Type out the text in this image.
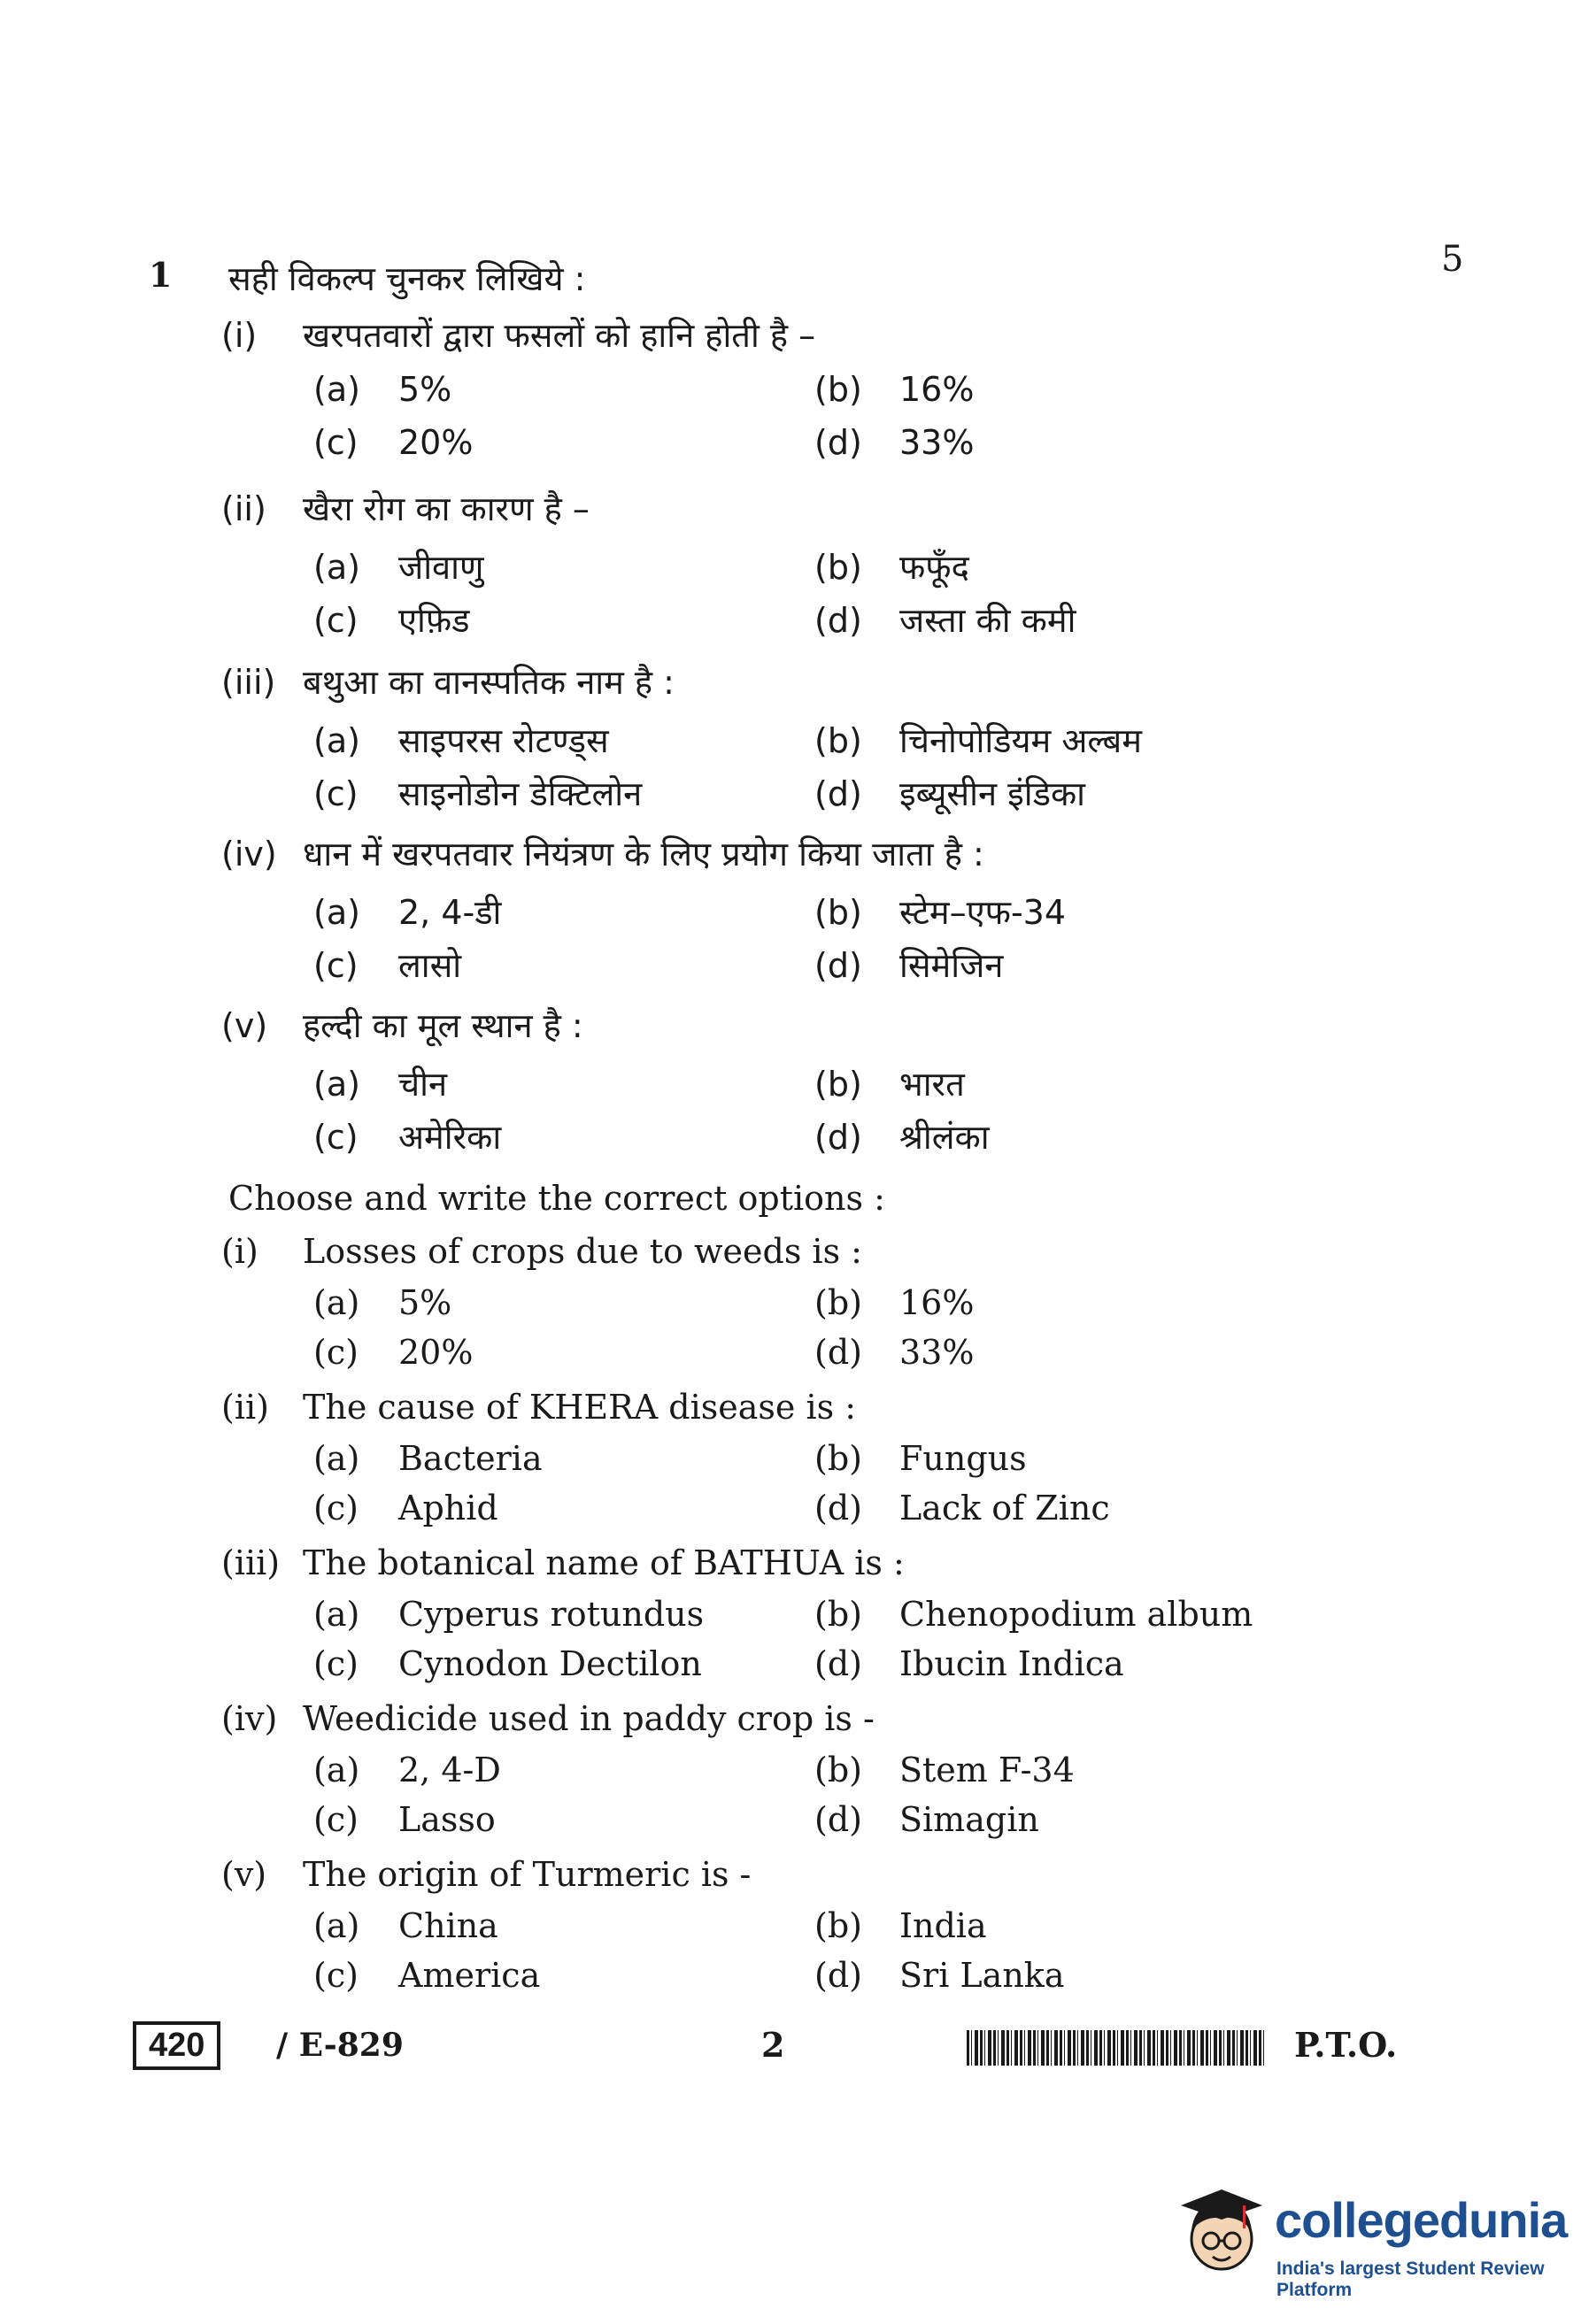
1	5
सही विकल्प चुनकर लिखिये :
(i) खरपतवारों द्वारा फसलों को हानि होती है –
(a) 5%	(b) 16%
(c) 20%	(d) 33%
(ii) खैरा रोग का कारण है –
(a) जीवाणु	(b) फफूँद
(c) एफ़िड	(d) जस्ता की कमी
(iii) बथुआ का वानस्पतिक नाम है :
(a) साइपरस रोटण्ड्स	(b) चिनोपोडियम अल्बम
(c) साइनोडोन डेक्टिलोन	(d) इब्यूसीन इंडिका
(iv) धान में खरपतवार नियंत्रण के लिए प्रयोग किया जाता है :
(a) 2, 4-डी	(b) स्टेम–एफ-34
(c) लासो	(d) सिमेजिन
(v) हल्दी का मूल स्थान है :
(a) चीन	(b) भारत
(c) अमेरिका	(d) श्रीलंका
Choose and write the correct options :
(i) Losses of crops due to weeds is :
(a) 5%	(b) 16%
(c) 20%	(d) 33%
(ii) The cause of KHERA disease is :
(a) Bacteria	(b) Fungus
(c) Aphid	(d) Lack of Zinc
(iii) The botanical name of BATHUA is :
(a) Cyperus rotundus	(b) Chenopodium album
(c) Cynodon Dectilon	(d) Ibucin Indica
(iv) Weedicide used in paddy crop is -
(a) 2, 4-D	(b) Stem F-34
(c) Lasso	(d) Simagin
(v) The origin of Turmeric is -
(a) China	(b) India
(c) America	(d) Sri Lanka
420	/ E-829	2	P.T.O.
collegedunia
India's largest Student Review Platform
